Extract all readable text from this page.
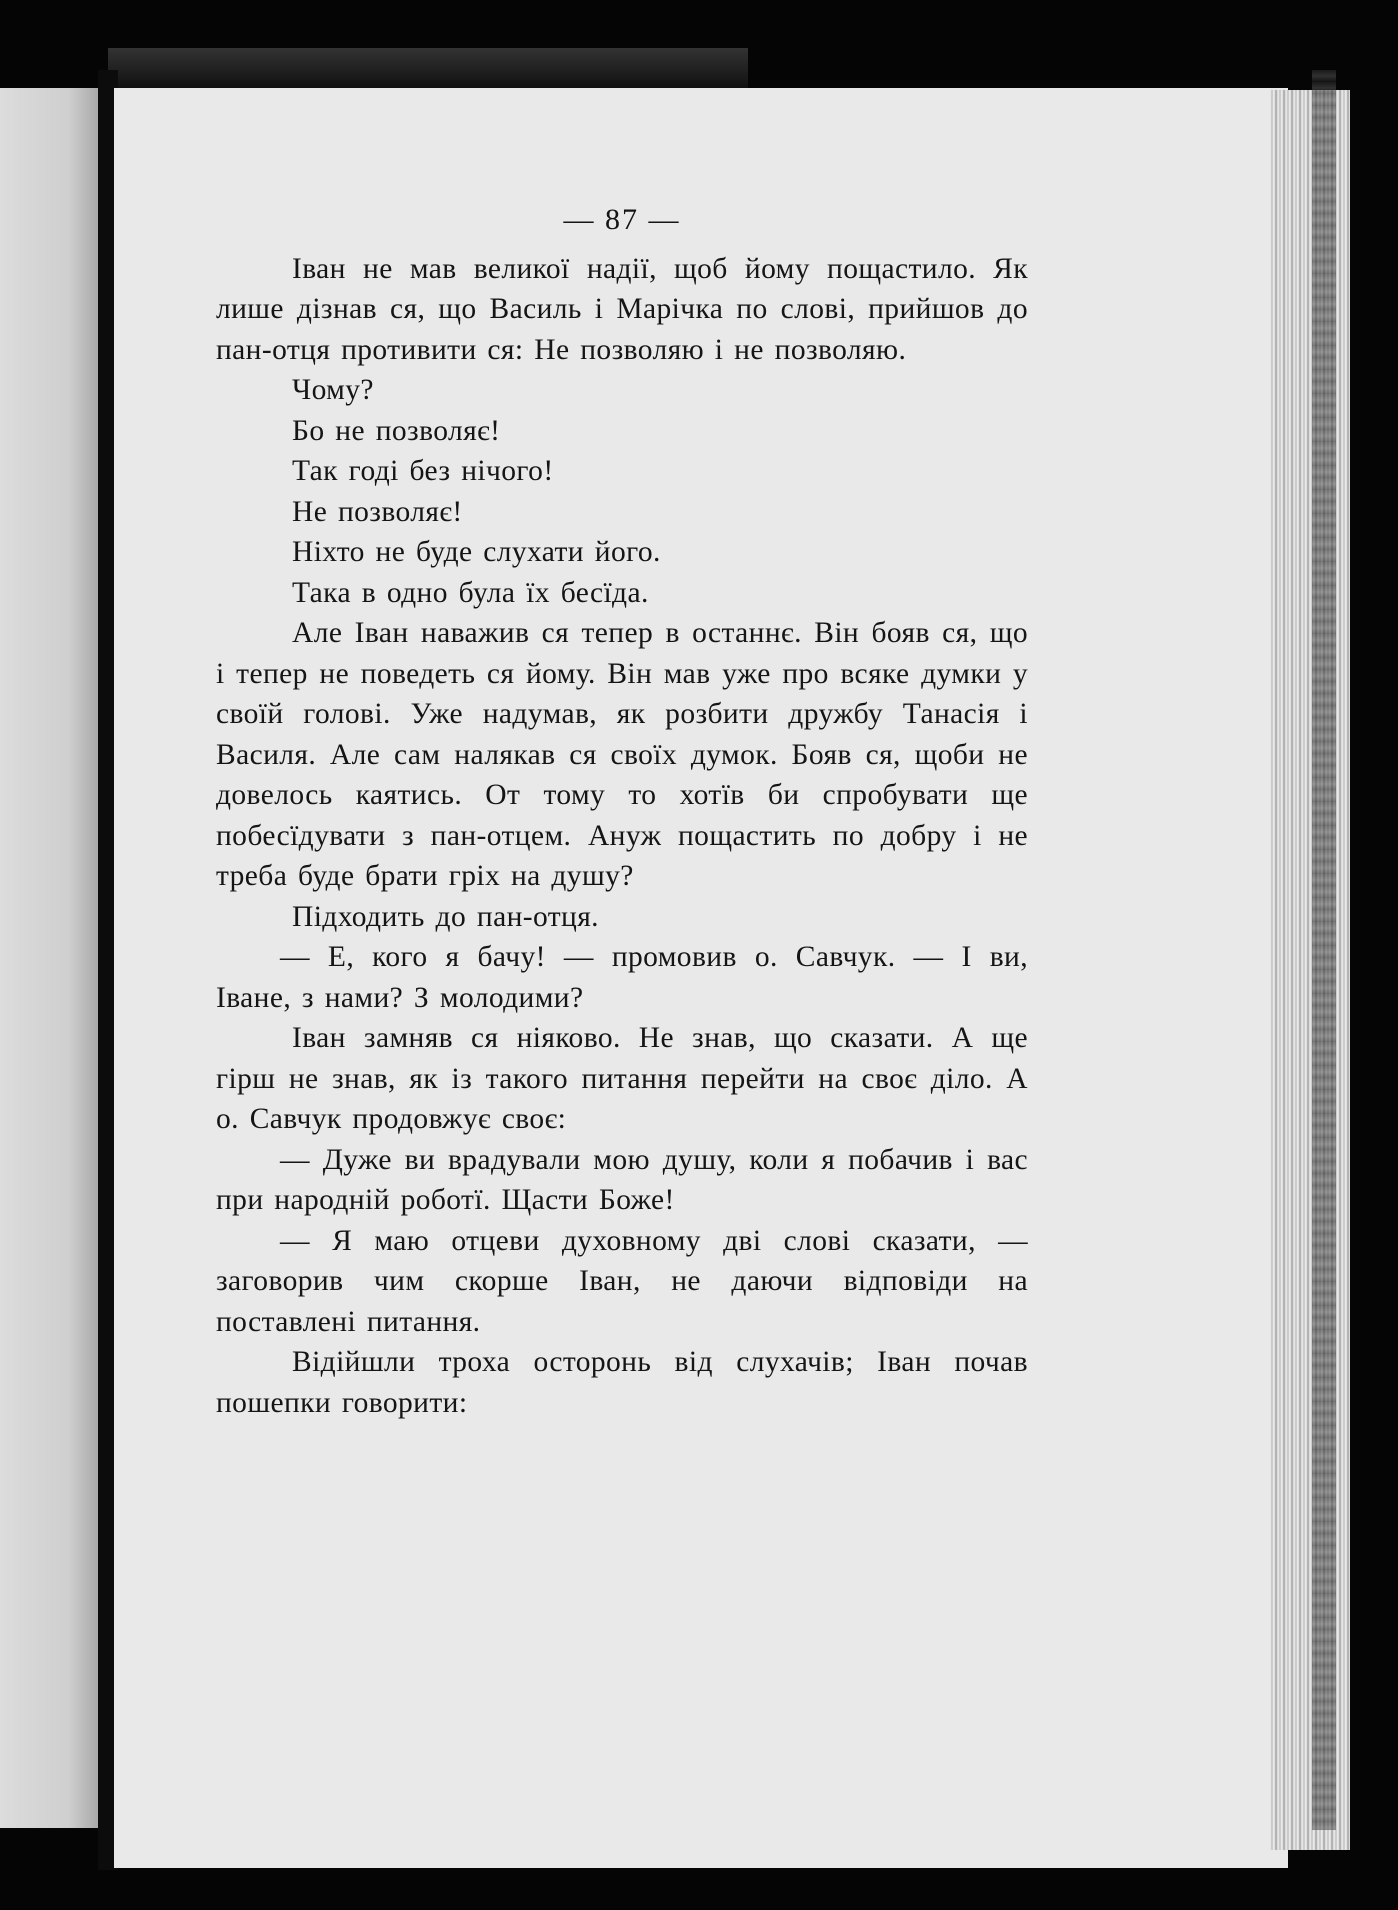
— 87 —

Іван не мав великої надії, щоб йому пощастило. Як лише дізнав ся, що Василь і Марічка по слові, прийшов до пан-отця противити ся: Не позволяю і не позволяю.

Чому?

Бо не позволяє!

Так годі без нічого!

Не позволяє!

Ніхто не буде слухати його.

Така в одно була їх бесїда.

Але Іван наважив ся тепер в останнє. Він бояв ся, що і тепер не поведеть ся йому. Він мав уже про всяке думки у своїй голові. Уже надумав, як розбити дружбу Танасія і Василя. Але сам налякав ся своїх думок. Бояв ся, щоби не довелось каятись. От тому то хотїв би спробувати ще побесїдувати з пан-отцем. Ануж пощастить по добру і не треба буде брати гріх на душу?

Підходить до пан-отця.

— Е, кого я бачу! — промовив о. Савчук. — І ви, Іване, з нами? З молодими?

Іван замняв ся ніяково. Не знав, що сказати. А ще гірш не знав, як із такого питання перейти на своє діло. А о. Савчук продовжує своє:

— Дуже ви врадували мою душу, коли я побачив і вас при народній роботї. Щасти Боже!

— Я маю отцеви духовному дві слові сказати, — заговорив чим скорше Іван, не даючи відповіди на поставлені питання.

Відійшли троха осторонь від слухачів; Іван почав пошепки говорити:
